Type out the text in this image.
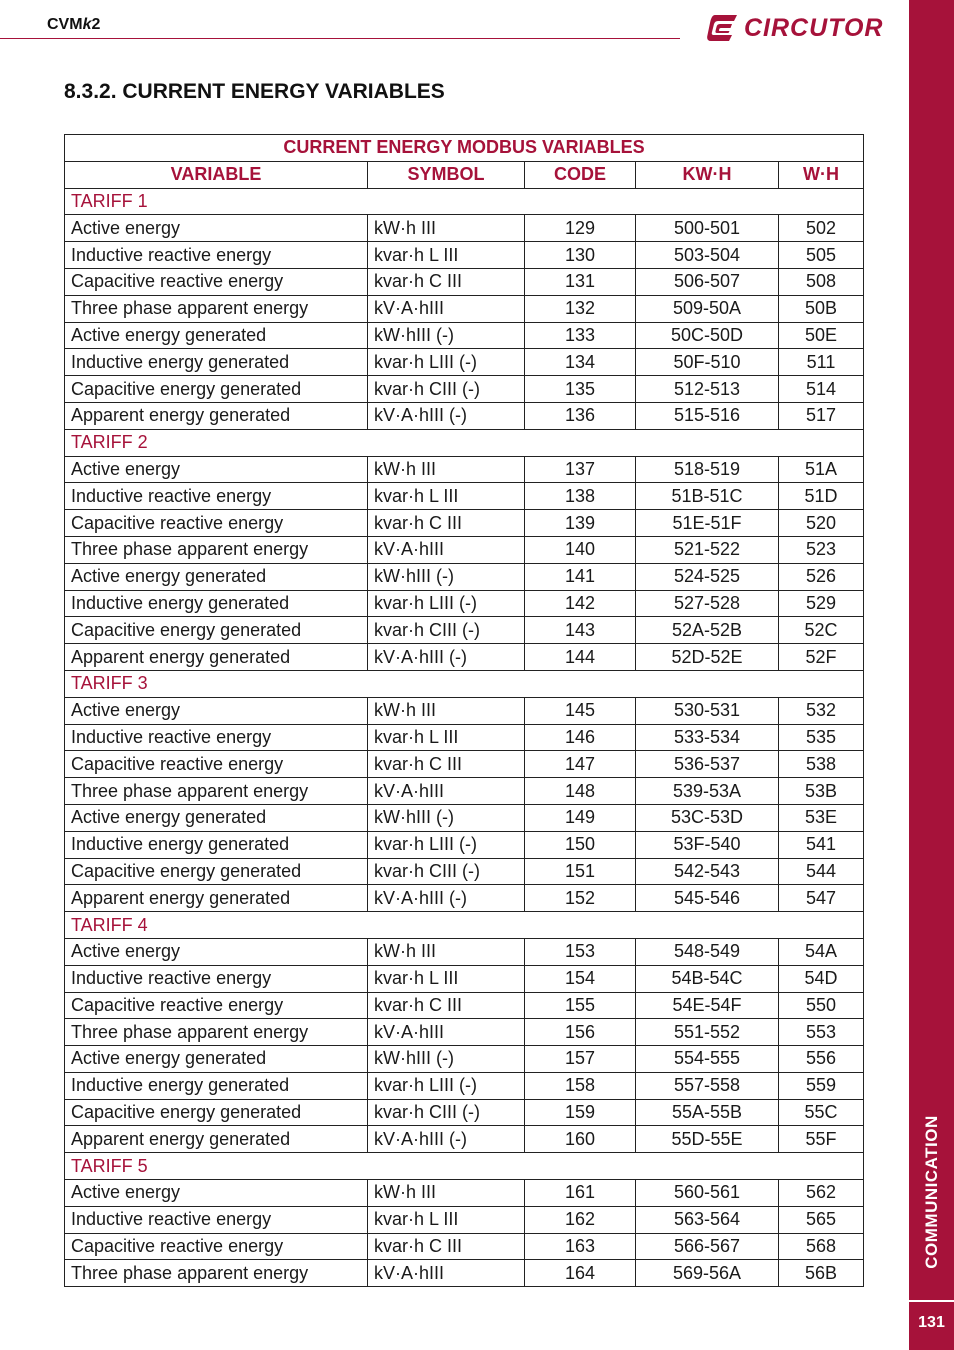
CVMk2	CIRCUTOR
COMMUNICATION
131
8.3.2. CURRENT ENERGY VARIABLES
CURRENT ENERGY MODBUS VARIABLES				
VARIABLE	SYMBOL	CODE	KW·H	W·H
TARIFF 1				
Active energy	kW·h III	129	500-501	502
Inductive reactive energy	kvar·h L III	130	503-504	505
Capacitive reactive energy	kvar·h C III	131	506-507	508
Three phase apparent energy	kV·A·hIII	132	509-50A	50B
Active energy generated	kW·hIII (-)	133	50C-50D	50E
Inductive energy generated	kvar·h LIII (-)	134	50F-510	511
Capacitive energy generated	kvar·h CIII (-)	135	512-513	514
Apparent energy generated	kV·A·hIII (-)	136	515-516	517
TARIFF 2				
Active energy	kW·h III	137	518-519	51A
Inductive reactive energy	kvar·h L III	138	51B-51C	51D
Capacitive reactive energy	kvar·h C III	139	51E-51F	520
Three phase apparent energy	kV·A·hIII	140	521-522	523
Active energy generated	kW·hIII (-)	141	524-525	526
Inductive energy generated	kvar·h LIII (-)	142	527-528	529
Capacitive energy generated	kvar·h CIII (-)	143	52A-52B	52C
Apparent energy generated	kV·A·hIII (-)	144	52D-52E	52F
TARIFF 3				
Active energy	kW·h III	145	530-531	532
Inductive reactive energy	kvar·h L III	146	533-534	535
Capacitive reactive energy	kvar·h C III	147	536-537	538
Three phase apparent energy	kV·A·hIII	148	539-53A	53B
Active energy generated	kW·hIII (-)	149	53C-53D	53E
Inductive energy generated	kvar·h LIII (-)	150	53F-540	541
Capacitive energy generated	kvar·h CIII (-)	151	542-543	544
Apparent energy generated	kV·A·hIII (-)	152	545-546	547
TARIFF 4				
Active energy	kW·h III	153	548-549	54A
Inductive reactive energy	kvar·h L III	154	54B-54C	54D
Capacitive reactive energy	kvar·h C III	155	54E-54F	550
Three phase apparent energy	kV·A·hIII	156	551-552	553
Active energy generated	kW·hIII (-)	157	554-555	556
Inductive energy generated	kvar·h LIII (-)	158	557-558	559
Capacitive energy generated	kvar·h CIII (-)	159	55A-55B	55C
Apparent energy generated	kV·A·hIII (-)	160	55D-55E	55F
TARIFF 5				
Active energy	kW·h III	161	560-561	562
Inductive reactive energy	kvar·h L III	162	563-564	565
Capacitive reactive energy	kvar·h C III	163	566-567	568
Three phase apparent energy	kV·A·hIII	164	569-56A	56B
